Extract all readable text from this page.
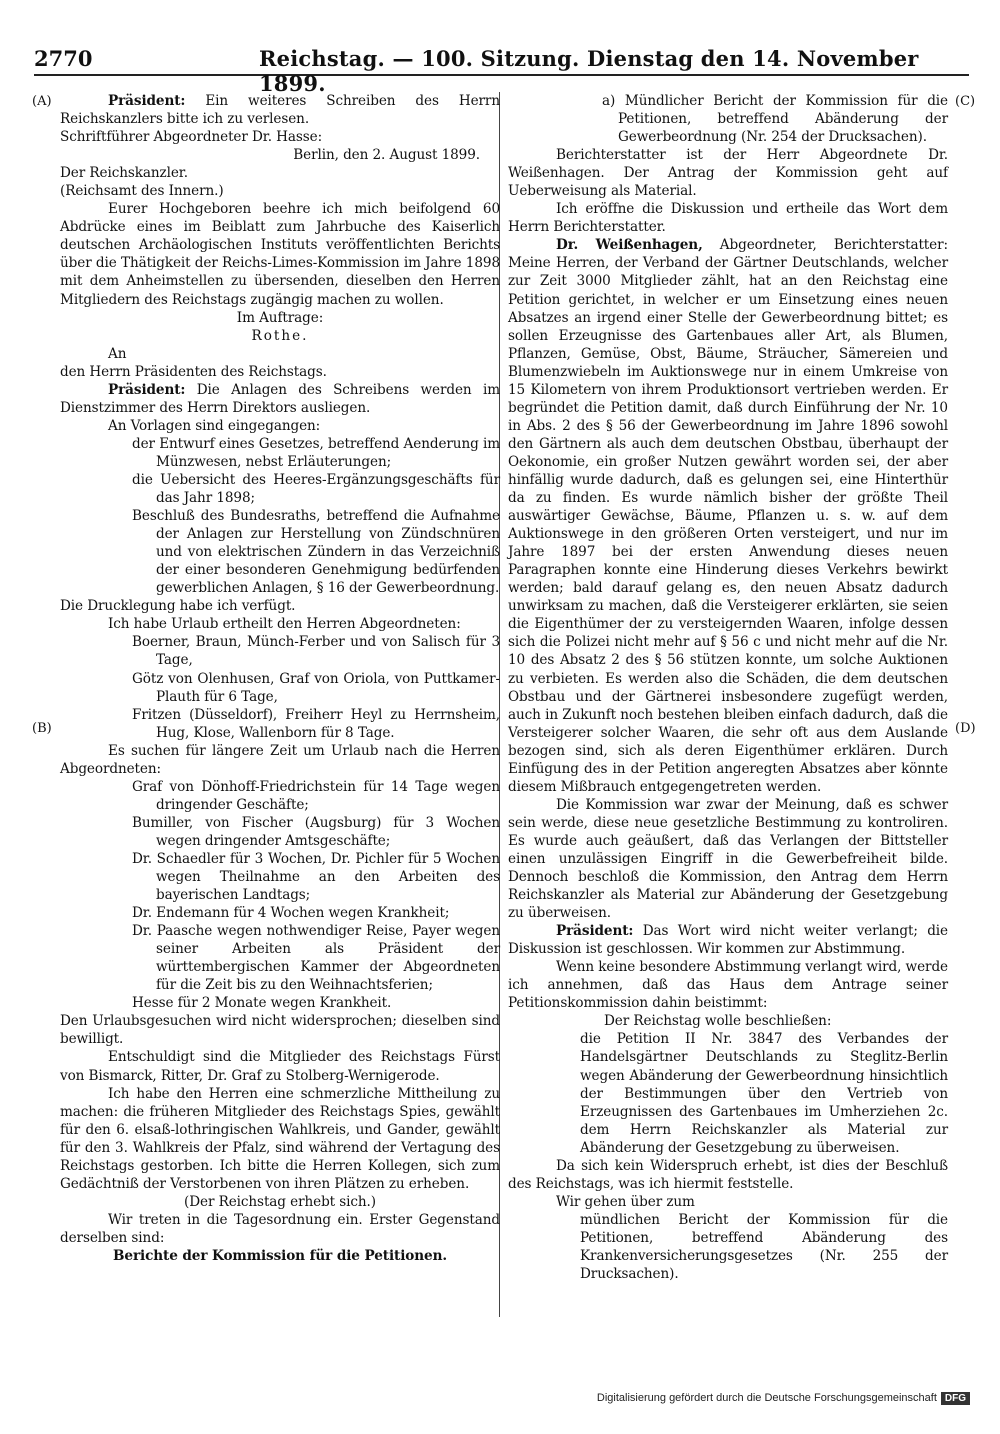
2770	Reichstag. — 100. Sitzung. Dienstag den 14. November 1899.
(A)
(B)
(C)
(D)

Präsident: Ein weiteres Schreiben des Herrn Reichskanzlers bitte ich zu verlesen.

Schriftführer Abgeordneter Dr. Hasse:

Berlin, den 2. August 1899.

Der Reichskanzler.

(Reichsamt des Innern.)

Eurer Hochgeboren beehre ich mich beifolgend 60 Abdrücke eines im Beiblatt zum Jahrbuche des Kaiserlich deutschen Archäologischen Instituts veröffentlichten Berichts über die Thätigkeit der Reichs-Limes-Kommission im Jahre 1898 mit dem Anheimstellen zu übersenden, dieselben den Herren Mitgliedern des Reichstags zugängig machen zu wollen.

Im Auftrage:

Rothe.

An

den Herrn Präsidenten des Reichstags.

Präsident: Die Anlagen des Schreibens werden im Dienstzimmer des Herrn Direktors ausliegen.

An Vorlagen sind eingegangen:

der Entwurf eines Gesetzes, betreffend Aenderung im Münzwesen, nebst Erläuterungen;

die Uebersicht des Heeres-Ergänzungsgeschäfts für das Jahr 1898;

Beschluß des Bundesraths, betreffend die Aufnahme der Anlagen zur Herstellung von Zündschnüren und von elektrischen Zündern in das Verzeichniß der einer besonderen Genehmigung bedürfenden gewerblichen Anlagen, § 16 der Gewerbeordnung.

Die Drucklegung habe ich verfügt.

Ich habe Urlaub ertheilt den Herren Abgeordneten:

Boerner, Braun, Münch-Ferber und von Salisch für 3 Tage,

Götz von Olenhusen, Graf von Oriola, von Puttkamer-Plauth für 6 Tage,

Fritzen (Düsseldorf), Freiherr Heyl zu Herrnsheim, Hug, Klose, Wallenborn für 8 Tage.

Es suchen für längere Zeit um Urlaub nach die Herren Abgeordneten:

Graf von Dönhoff-Friedrichstein für 14 Tage wegen dringender Geschäfte;

Bumiller, von Fischer (Augsburg) für 3 Wochen wegen dringender Amtsgeschäfte;

Dr. Schaedler für 3 Wochen, Dr. Pichler für 5 Wochen wegen Theilnahme an den Arbeiten des bayerischen Landtags;

Dr. Endemann für 4 Wochen wegen Krankheit;

Dr. Paasche wegen nothwendiger Reise, Payer wegen seiner Arbeiten als Präsident der württembergischen Kammer der Abgeordneten für die Zeit bis zu den Weihnachtsferien;

Hesse für 2 Monate wegen Krankheit.

Den Urlaubsgesuchen wird nicht widersprochen; dieselben sind bewilligt.

Entschuldigt sind die Mitglieder des Reichstags Fürst von Bismarck, Ritter, Dr. Graf zu Stolberg-Wernigerode.

Ich habe den Herren eine schmerzliche Mittheilung zu machen: die früheren Mitglieder des Reichstags Spies, gewählt für den 6. elsaß-lothringischen Wahlkreis, und Gander, gewählt für den 3. Wahlkreis der Pfalz, sind während der Vertagung des Reichstags gestorben. Ich bitte die Herren Kollegen, sich zum Gedächtniß der Verstorbenen von ihren Plätzen zu erheben.

(Der Reichstag erhebt sich.)

Wir treten in die Tagesordnung ein. Erster Gegenstand derselben sind:

Berichte der Kommission für die Petitionen.

a) Mündlicher Bericht der Kommission für die Petitionen, betreffend Abänderung der Gewerbeordnung (Nr. 254 der Drucksachen).

Berichterstatter ist der Herr Abgeordnete Dr. Weißenhagen. Der Antrag der Kommission geht auf Ueberweisung als Material.

Ich eröffne die Diskussion und ertheile das Wort dem Herrn Berichterstatter.

Dr. Weißenhagen, Abgeordneter, Berichterstatter: Meine Herren, der Verband der Gärtner Deutschlands, welcher zur Zeit 3000 Mitglieder zählt, hat an den Reichstag eine Petition gerichtet, in welcher er um Einsetzung eines neuen Absatzes an irgend einer Stelle der Gewerbeordnung bittet; es sollen Erzeugnisse des Gartenbaues aller Art, als Blumen, Pflanzen, Gemüse, Obst, Bäume, Sträucher, Sämereien und Blumenzwiebeln im Auktionswege nur in einem Umkreise von 15 Kilometern von ihrem Produktionsort vertrieben werden. Er begründet die Petition damit, daß durch Einführung der Nr. 10 in Abs. 2 des § 56 der Gewerbeordnung im Jahre 1896 sowohl den Gärtnern als auch dem deutschen Obstbau, überhaupt der Oekonomie, ein großer Nutzen gewährt worden sei, der aber hinfällig wurde dadurch, daß es gelungen sei, eine Hinterthür da zu finden. Es wurde nämlich bisher der größte Theil auswärtiger Gewächse, Bäume, Pflanzen u. s. w. auf dem Auktionswege in den größeren Orten versteigert, und nur im Jahre 1897 bei der ersten Anwendung dieses neuen Paragraphen konnte eine Hinderung dieses Verkehrs bewirkt werden; bald darauf gelang es, den neuen Absatz dadurch unwirksam zu machen, daß die Versteigerer erklärten, sie seien die Eigenthümer der zu versteigernden Waaren, infolge dessen sich die Polizei nicht mehr auf § 56 c und nicht mehr auf die Nr. 10 des Absatz 2 des § 56 stützen konnte, um solche Auktionen zu verbieten. Es werden also die Schäden, die dem deutschen Obstbau und der Gärtnerei insbesondere zugefügt werden, auch in Zukunft noch bestehen bleiben einfach dadurch, daß die Versteigerer solcher Waaren, die sehr oft aus dem Auslande bezogen sind, sich als deren Eigenthümer erklären. Durch Einfügung des in der Petition angeregten Absatzes aber könnte diesem Mißbrauch entgegengetreten werden.

Die Kommission war zwar der Meinung, daß es schwer sein werde, diese neue gesetzliche Bestimmung zu kontroliren. Es wurde auch geäußert, daß das Verlangen der Bittsteller einen unzulässigen Eingriff in die Gewerbefreiheit bilde. Dennoch beschloß die Kommission, den Antrag dem Herrn Reichskanzler als Material zur Abänderung der Gesetzgebung zu überweisen.

Präsident: Das Wort wird nicht weiter verlangt; die Diskussion ist geschlossen. Wir kommen zur Abstimmung.

Wenn keine besondere Abstimmung verlangt wird, werde ich annehmen, daß das Haus dem Antrage seiner Petitionskommission dahin beistimmt:

Der Reichstag wolle beschließen:

die Petition II Nr. 3847 des Verbandes der Handelsgärtner Deutschlands zu Steglitz-Berlin wegen Abänderung der Gewerbeordnung hinsichtlich der Bestimmungen über den Vertrieb von Erzeugnissen des Gartenbaues im Umherziehen 2c. dem Herrn Reichskanzler als Material zur Abänderung der Gesetzgebung zu überweisen.

Da sich kein Widerspruch erhebt, ist dies der Beschluß des Reichstags, was ich hiermit feststelle.

Wir gehen über zum

mündlichen Bericht der Kommission für die Petitionen, betreffend Abänderung des Krankenversicherungsgesetzes (Nr. 255 der Drucksachen).

Digitalisierung gefördert durch die Deutsche Forschungsgemeinschaft DFG
